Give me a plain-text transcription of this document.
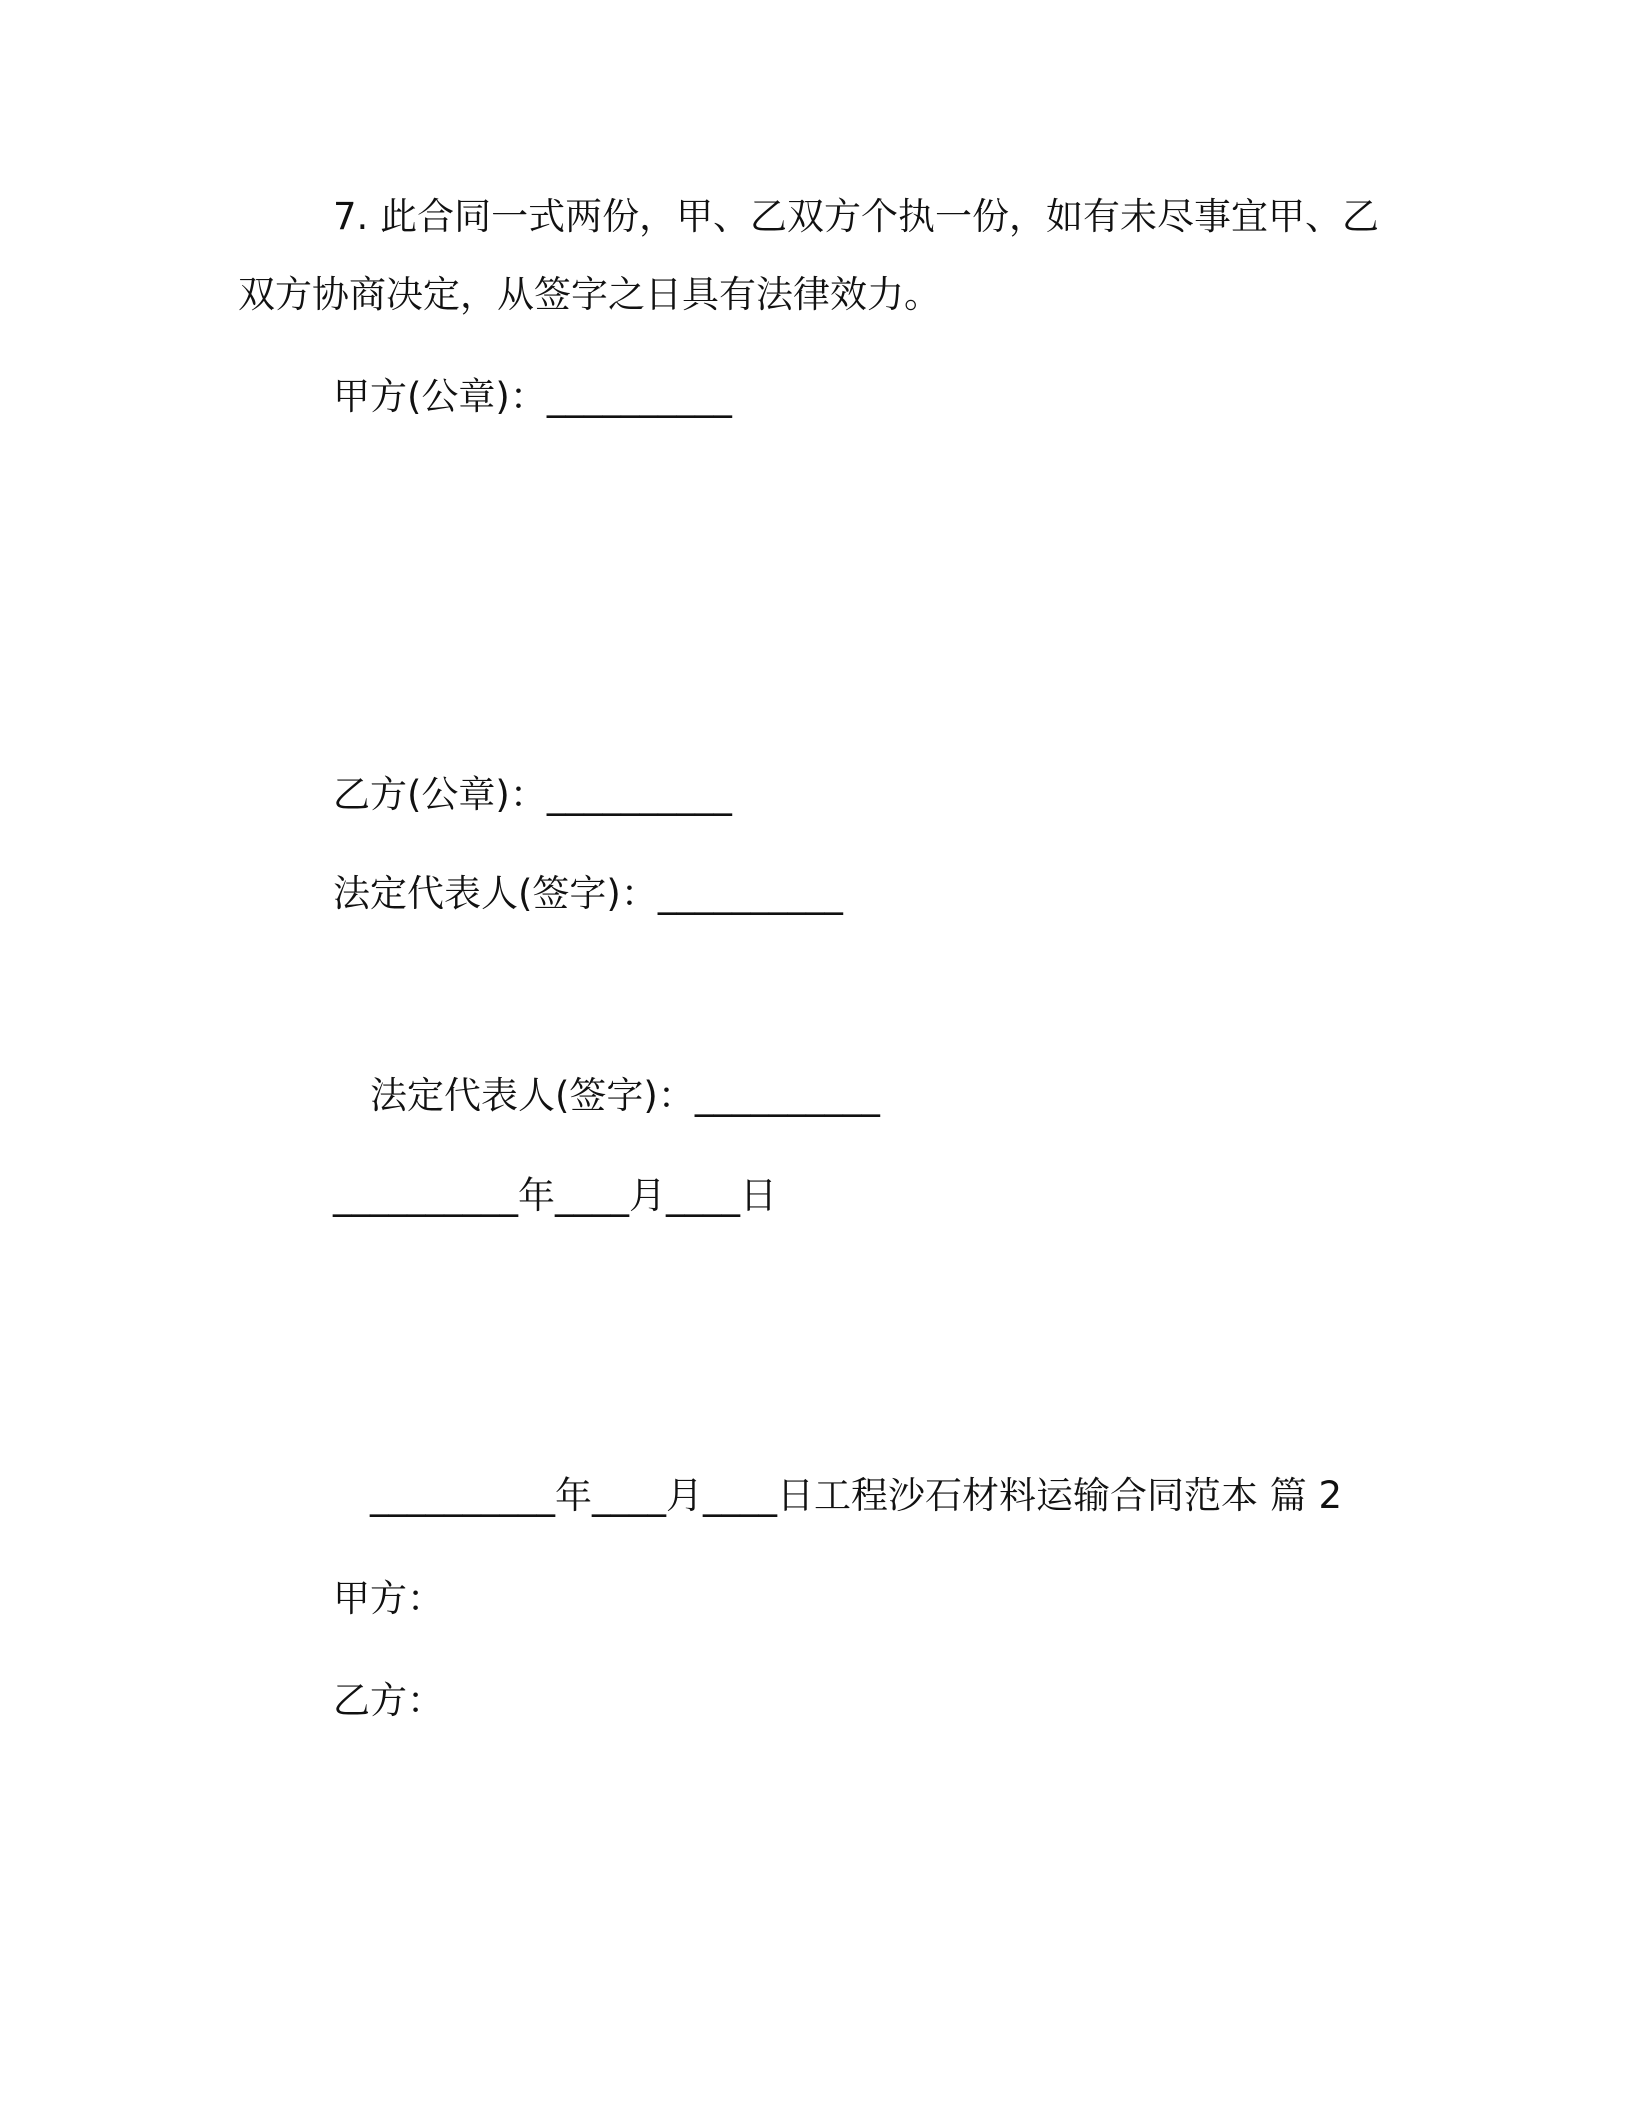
7. 此合同一式两份，甲、乙双方个执一份，如有未尽事宜甲、乙
双方协商决定，从签字之日具有法律效力。
甲方(公章)：__________
乙方(公章)：__________
法定代表人(签字)：__________
法定代表人(签字)：__________
__________年____月____日
__________年____月____日工程沙石材料运输合同范本 篇 2
甲方：
乙方：
